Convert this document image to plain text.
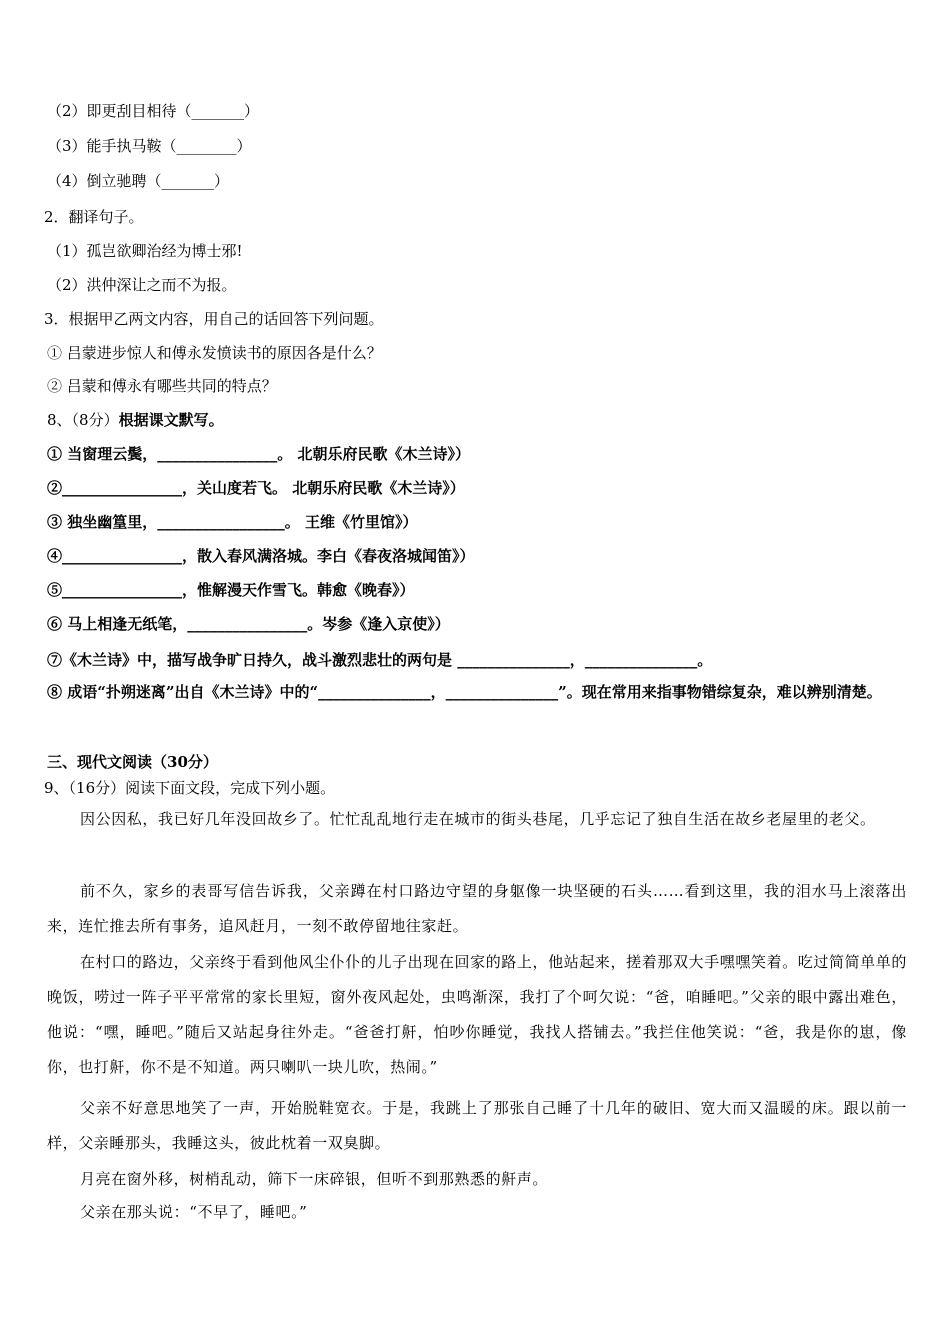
（2）即更刮目相待（_______）
（3）能手执马鞍（________）
（4）倒立驰聘（_______）
2．翻译句子。
（1）孤岂欲卿治经为博士邪!
（2）洪仲深让之而不为报。
3．根据甲乙两文内容，用自己的话回答下列问题。
① 吕蒙进步惊人和傅永发愤读书的原因各是什么？
② 吕蒙和傅永有哪些共同的特点？
8、（8分）根据课文默写。
① 当窗理云鬓，________________。 北朝乐府民歌《木兰诗》）
②________________，关山度若飞。 北朝乐府民歌《木兰诗》）
③ 独坐幽篁里，_________________。 王维《竹里馆》）
④________________，散入春风满洛城。李白《春夜洛城闻笛》）
⑤________________，惟解漫天作雪飞。韩愈《晚春》）
⑥ 马上相逢无纸笔，________________。岑参《逢入京使》）
⑦《木兰诗》中，描写战争旷日持久，战斗激烈悲壮的两句是 _______________，_______________。
⑧ 成语“扑朔迷离”出自《木兰诗》中的“_______________，_______________”。现在常用来指事物错综复杂，难以辨别清楚。
三、现代文阅读（30分）
9、（16分）阅读下面文段，完成下列小题。
因公因私，我已好几年没回故乡了。忙忙乱乱地行走在城市的街头巷尾，几乎忘记了独自生活在故乡老屋里的老父。
前不久，家乡的表哥写信告诉我，父亲蹲在村口路边守望的身躯像一块坚硬的石头……看到这里，我的泪水马上滚落出来，连忙推去所有事务，追风赶月，一刻不敢停留地往家赶。
在村口的路边，父亲终于看到他风尘仆仆的儿子出现在回家的路上，他站起来，搓着那双大手嘿嘿笑着。吃过简简单单的晚饭，唠过一阵子平平常常的家长里短，窗外夜风起处，虫鸣渐深，我打了个呵欠说：“爸，咱睡吧。”父亲的眼中露出难色，他说：“嘿，睡吧。”随后又站起身往外走。“爸爸打鼾，怕吵你睡觉，我找人搭铺去。”我拦住他笑说：“爸，我是你的崽，像你，也打鼾，你不是不知道。两只喇叭一块儿吹，热闹。”
父亲不好意思地笑了一声，开始脱鞋宽衣。于是，我跳上了那张自己睡了十几年的破旧、宽大而又温暖的床。跟以前一样，父亲睡那头，我睡这头，彼此枕着一双臭脚。
月亮在窗外移，树梢乱动，筛下一床碎银，但听不到那熟悉的鼾声。
父亲在那头说：“不早了，睡吧。”
